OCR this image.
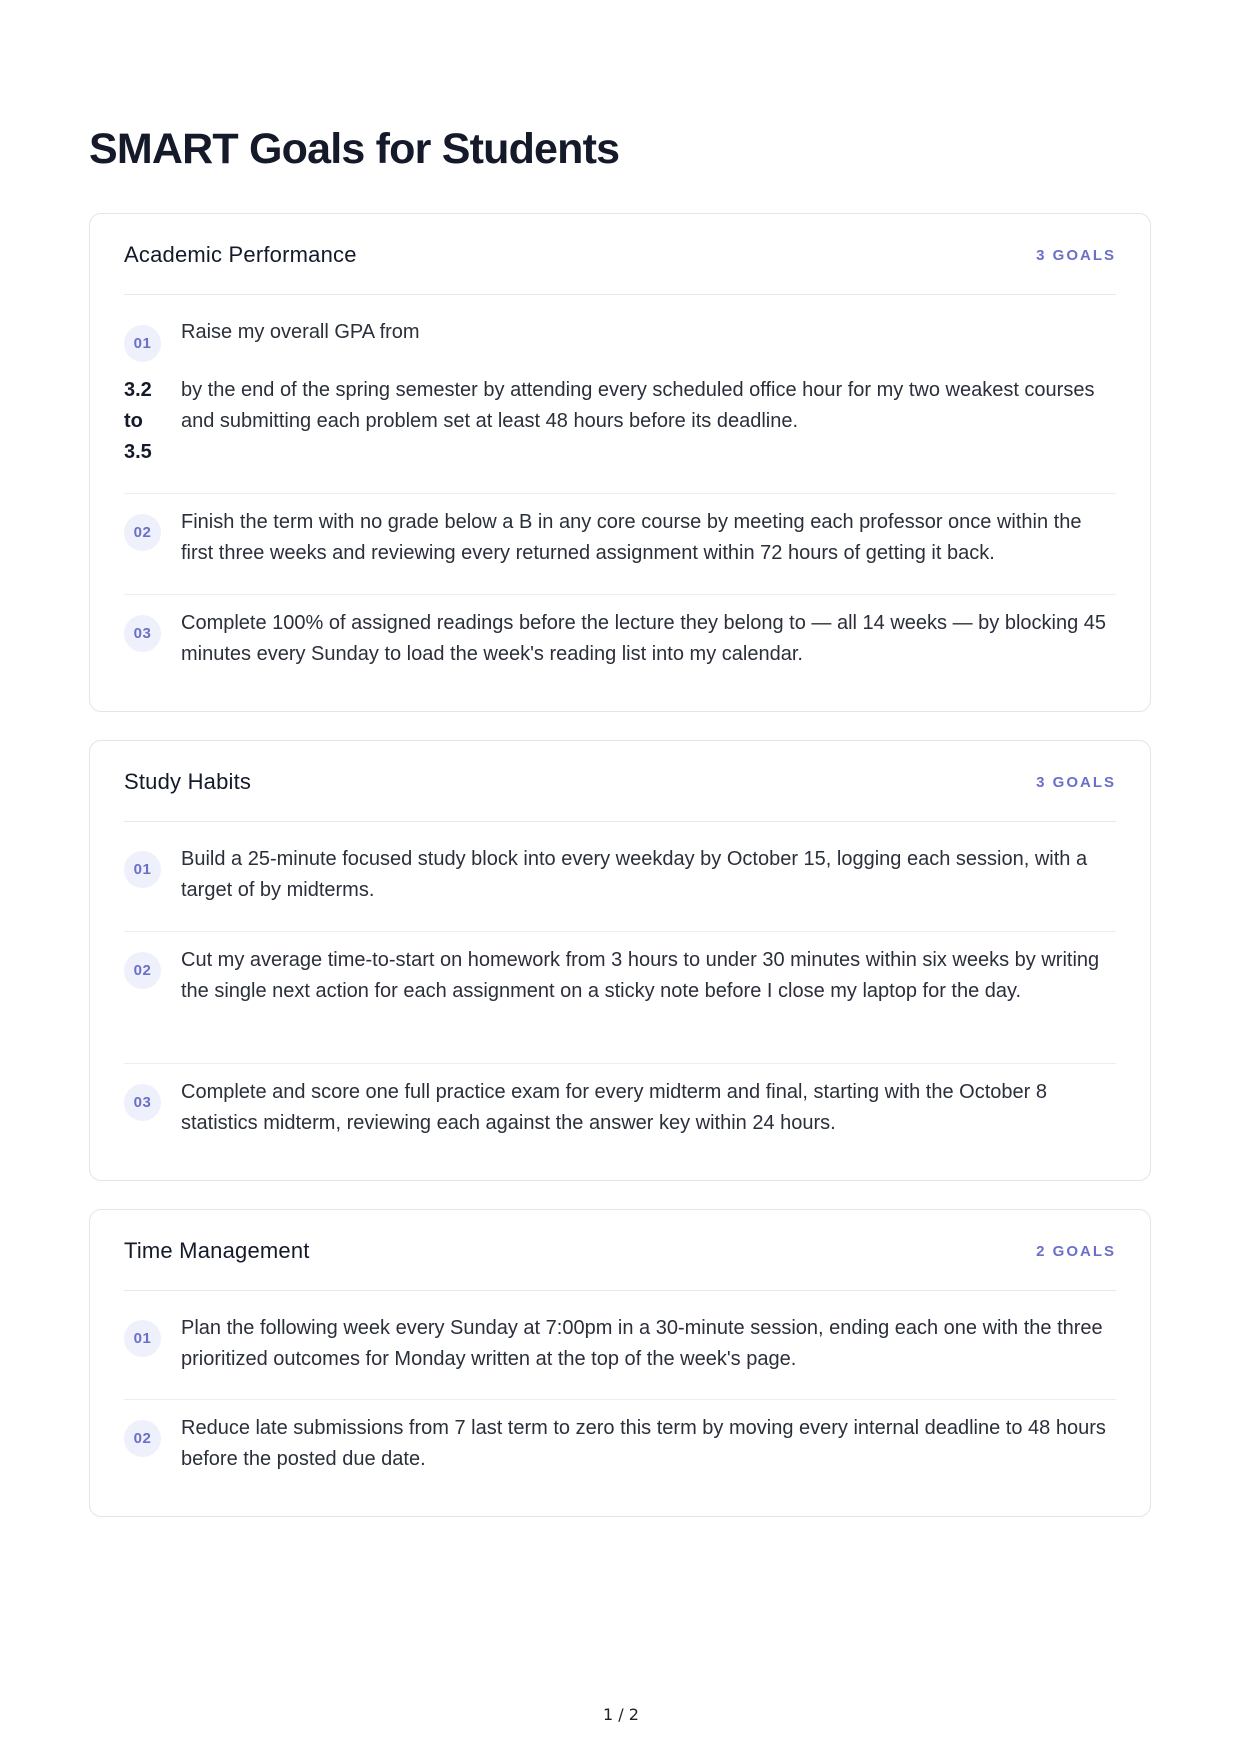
SMART Goals for Students
Academic Performance	3 GOALS
01

Raise my overall GPA from

3.2
to
3.5

by the end of the spring semester by attending every scheduled office hour for my two weakest courses and submitting each problem set at least 48 hours before its deadline.

02	Finish the term with no grade below a B in any core course by meeting each professor once within the first three weeks and reviewing every returned assignment within 72 hours of getting it back.

03	Complete 100% of assigned readings before the lecture they belong to — all 14 weeks — by blocking 45 minutes every Sunday to load the week's reading list into my calendar.

Study Habits	3 GOALS
01	Build a 25-minute focused study block into every weekday by October 15, logging each session, with a target of by midterms.

02	Cut my average time-to-start on homework from 3 hours to under 30 minutes within six weeks by writing the single next action for each assignment on a sticky note before I close my laptop for the day.

03	Complete and score one full practice exam for every midterm and final, starting with the October 8 statistics midterm, reviewing each against the answer key within 24 hours.

Time Management	2 GOALS
01	Plan the following week every Sunday at 7:00pm in a 30-minute session, ending each one with the three prioritized outcomes for Monday written at the top of the week's page.

02	Reduce late submissions from 7 last term to zero this term by moving every internal deadline to 48 hours before the posted due date.

1 / 2
